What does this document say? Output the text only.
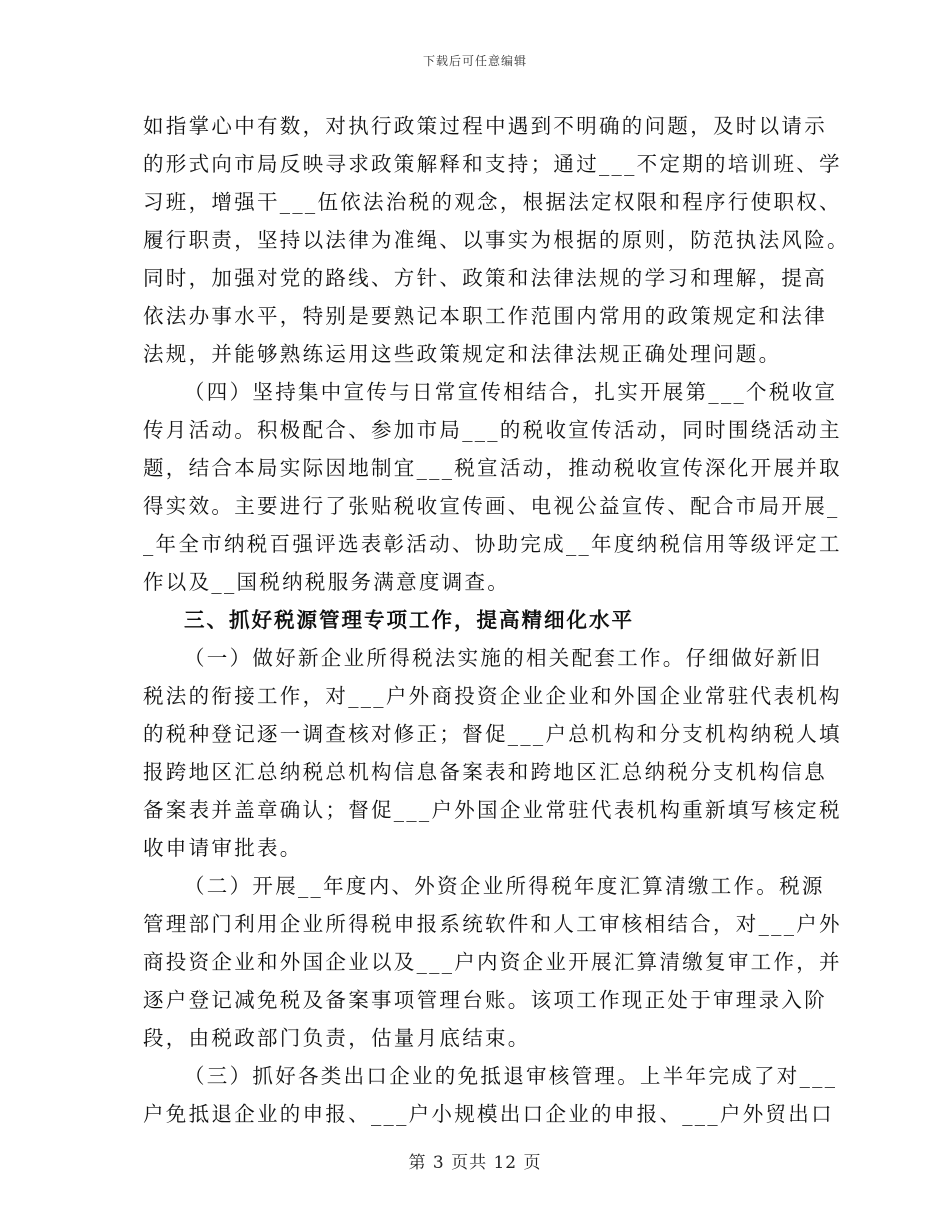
下载后可任意编辑
如指掌心中有数，对执行政策过程中遇到不明确的问题，及时以请示
的形式向市局反映寻求政策解释和支持；通过___不定期的培训班、学
习班，增强干___伍依法治税的观念，根据法定权限和程序行使职权、
履行职责，坚持以法律为准绳、以事实为根据的原则，防范执法风险。
同时，加强对党的路线、方针、政策和法律法规的学习和理解，提高
依法办事水平，特别是要熟记本职工作范围内常用的政策规定和法律
法规，并能够熟练运用这些政策规定和法律法规正确处理问题。
（四）坚持集中宣传与日常宣传相结合，扎实开展第___个税收宣
传月活动。积极配合、参加市局___的税收宣传活动，同时围绕活动主
题，结合本局实际因地制宜___税宣活动，推动税收宣传深化开展并取
得实效。主要进行了张贴税收宣传画、电视公益宣传、配合市局开展_
_年全市纳税百强评选表彰活动、协助完成__年度纳税信用等级评定工
作以及__国税纳税服务满意度调查。
三、抓好税源管理专项工作，提高精细化水平
（一）做好新企业所得税法实施的相关配套工作。仔细做好新旧
税法的衔接工作，对___户外商投资企业企业和外国企业常驻代表机构
的税种登记逐一调查核对修正；督促___户总机构和分支机构纳税人填
报跨地区汇总纳税总机构信息备案表和跨地区汇总纳税分支机构信息
备案表并盖章确认；督促___户外国企业常驻代表机构重新填写核定税
收申请审批表。
（二）开展__年度内、外资企业所得税年度汇算清缴工作。税源
管理部门利用企业所得税申报系统软件和人工审核相结合，对___户外
商投资企业和外国企业以及___户内资企业开展汇算清缴复审工作，并
逐户登记减免税及备案事项管理台账。该项工作现正处于审理录入阶
段，由税政部门负责，估量月底结束。
（三）抓好各类出口企业的免抵退审核管理。上半年完成了对___
户免抵退企业的申报、___户小规模出口企业的申报、___户外贸出口
第 3 页共 12 页
